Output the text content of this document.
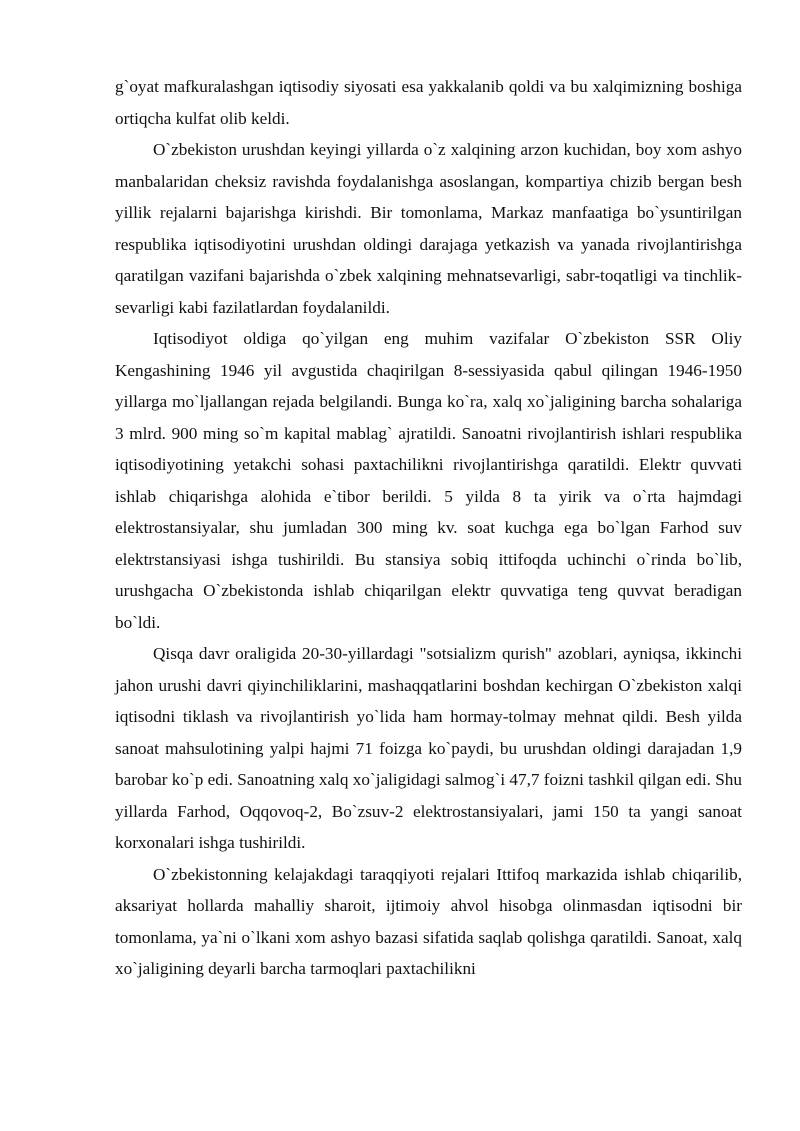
g`oyat mafkuralashgan iqtisodiy siyosati esa yakkalanib qoldi va bu xalqimizning boshiga ortiqcha kulfat olib keldi.

O`zbekiston urushdan keyingi yillarda o`z xalqining arzon kuchidan, boy xom ashyo manbalaridan cheksiz ravishda foydalanishga asoslangan, kompartiya chizib bergan besh yillik rejalarni bajarishga kirishdi. Bir tomonlama, Markaz manfaatiga bo`ysuntirilgan respublika iqtisodiyotini urushdan oldingi darajaga yetkazish va yanada rivojlantirishga qaratilgan vazifani bajarishda o`zbek xalqining mehnatsevarligi, sabr-toqatligi va tinchlik-sevarligi kabi fazilatlardan foydalanildi.

Iqtisodiyot oldiga qo`yilgan eng muhim vazifalar O`zbekiston SSR Oliy Kengashining 1946 yil avgustida chaqirilgan 8-sessiyasida qabul qilingan 1946-1950 yillarga mo`ljallangan rejada belgilandi. Bunga ko`ra, xalq xo`jaligining barcha sohalariga 3 mlrd. 900 ming so`m kapital mablag` ajratildi. Sanoatni rivojlantirish ishlari respublika iqtisodiyotining yetakchi sohasi paxtachilikni rivojlantirishga qaratildi. Elektr quvvati ishlab chiqarishga alohida e`tibor berildi. 5 yilda 8 ta yirik va o`rta hajmdagi elektrostansiyalar, shu jumladan 300 ming kv. soat kuchga ega bo`lgan Farhod suv elektrstansiyasi ishga tushirildi. Bu stansiya sobiq ittifoqda uchinchi o`rinda bo`lib, urushgacha O`zbekistonda ishlab chiqarilgan elektr quvvatiga teng quvvat beradigan bo`ldi.

Qisqa davr oraligida 20-30-yillardagi "sotsializm qurish" azoblari, ayniqsa, ikkinchi jahon urushi davri qiyinchiliklarini, mashaqqatlarini boshdan kechirgan O`zbekiston xalqi iqtisodni tiklash va rivojlantirish yo`lida ham hormay-tolmay mehnat qildi. Besh yilda sanoat mahsulotining yalpi hajmi 71 foizga ko`paydi, bu urushdan oldingi darajadan 1,9 barobar ko`p edi. Sanoatning xalq xo`jaligidagi salmog`i 47,7 foizni tashkil qilgan edi. Shu yillarda Farhod, Oqqovoq-2, Bo`zsuv-2 elektrostansiyalari, jami 150 ta yangi sanoat korxonalari ishga tushirildi.

O`zbekistonning kelajakdagi taraqqiyoti rejalari Ittifoq markazida ishlab chiqarilib, aksariyat hollarda mahalliy sharoit, ijtimoiy ahvol hisobga olinmasdan iqtisodni bir tomonlama, ya`ni o`lkani xom ashyo bazasi sifatida saqlab qolishga qaratildi. Sanoat, xalq xo`jaligining deyarli barcha tarmoqlari paxtachilikni
